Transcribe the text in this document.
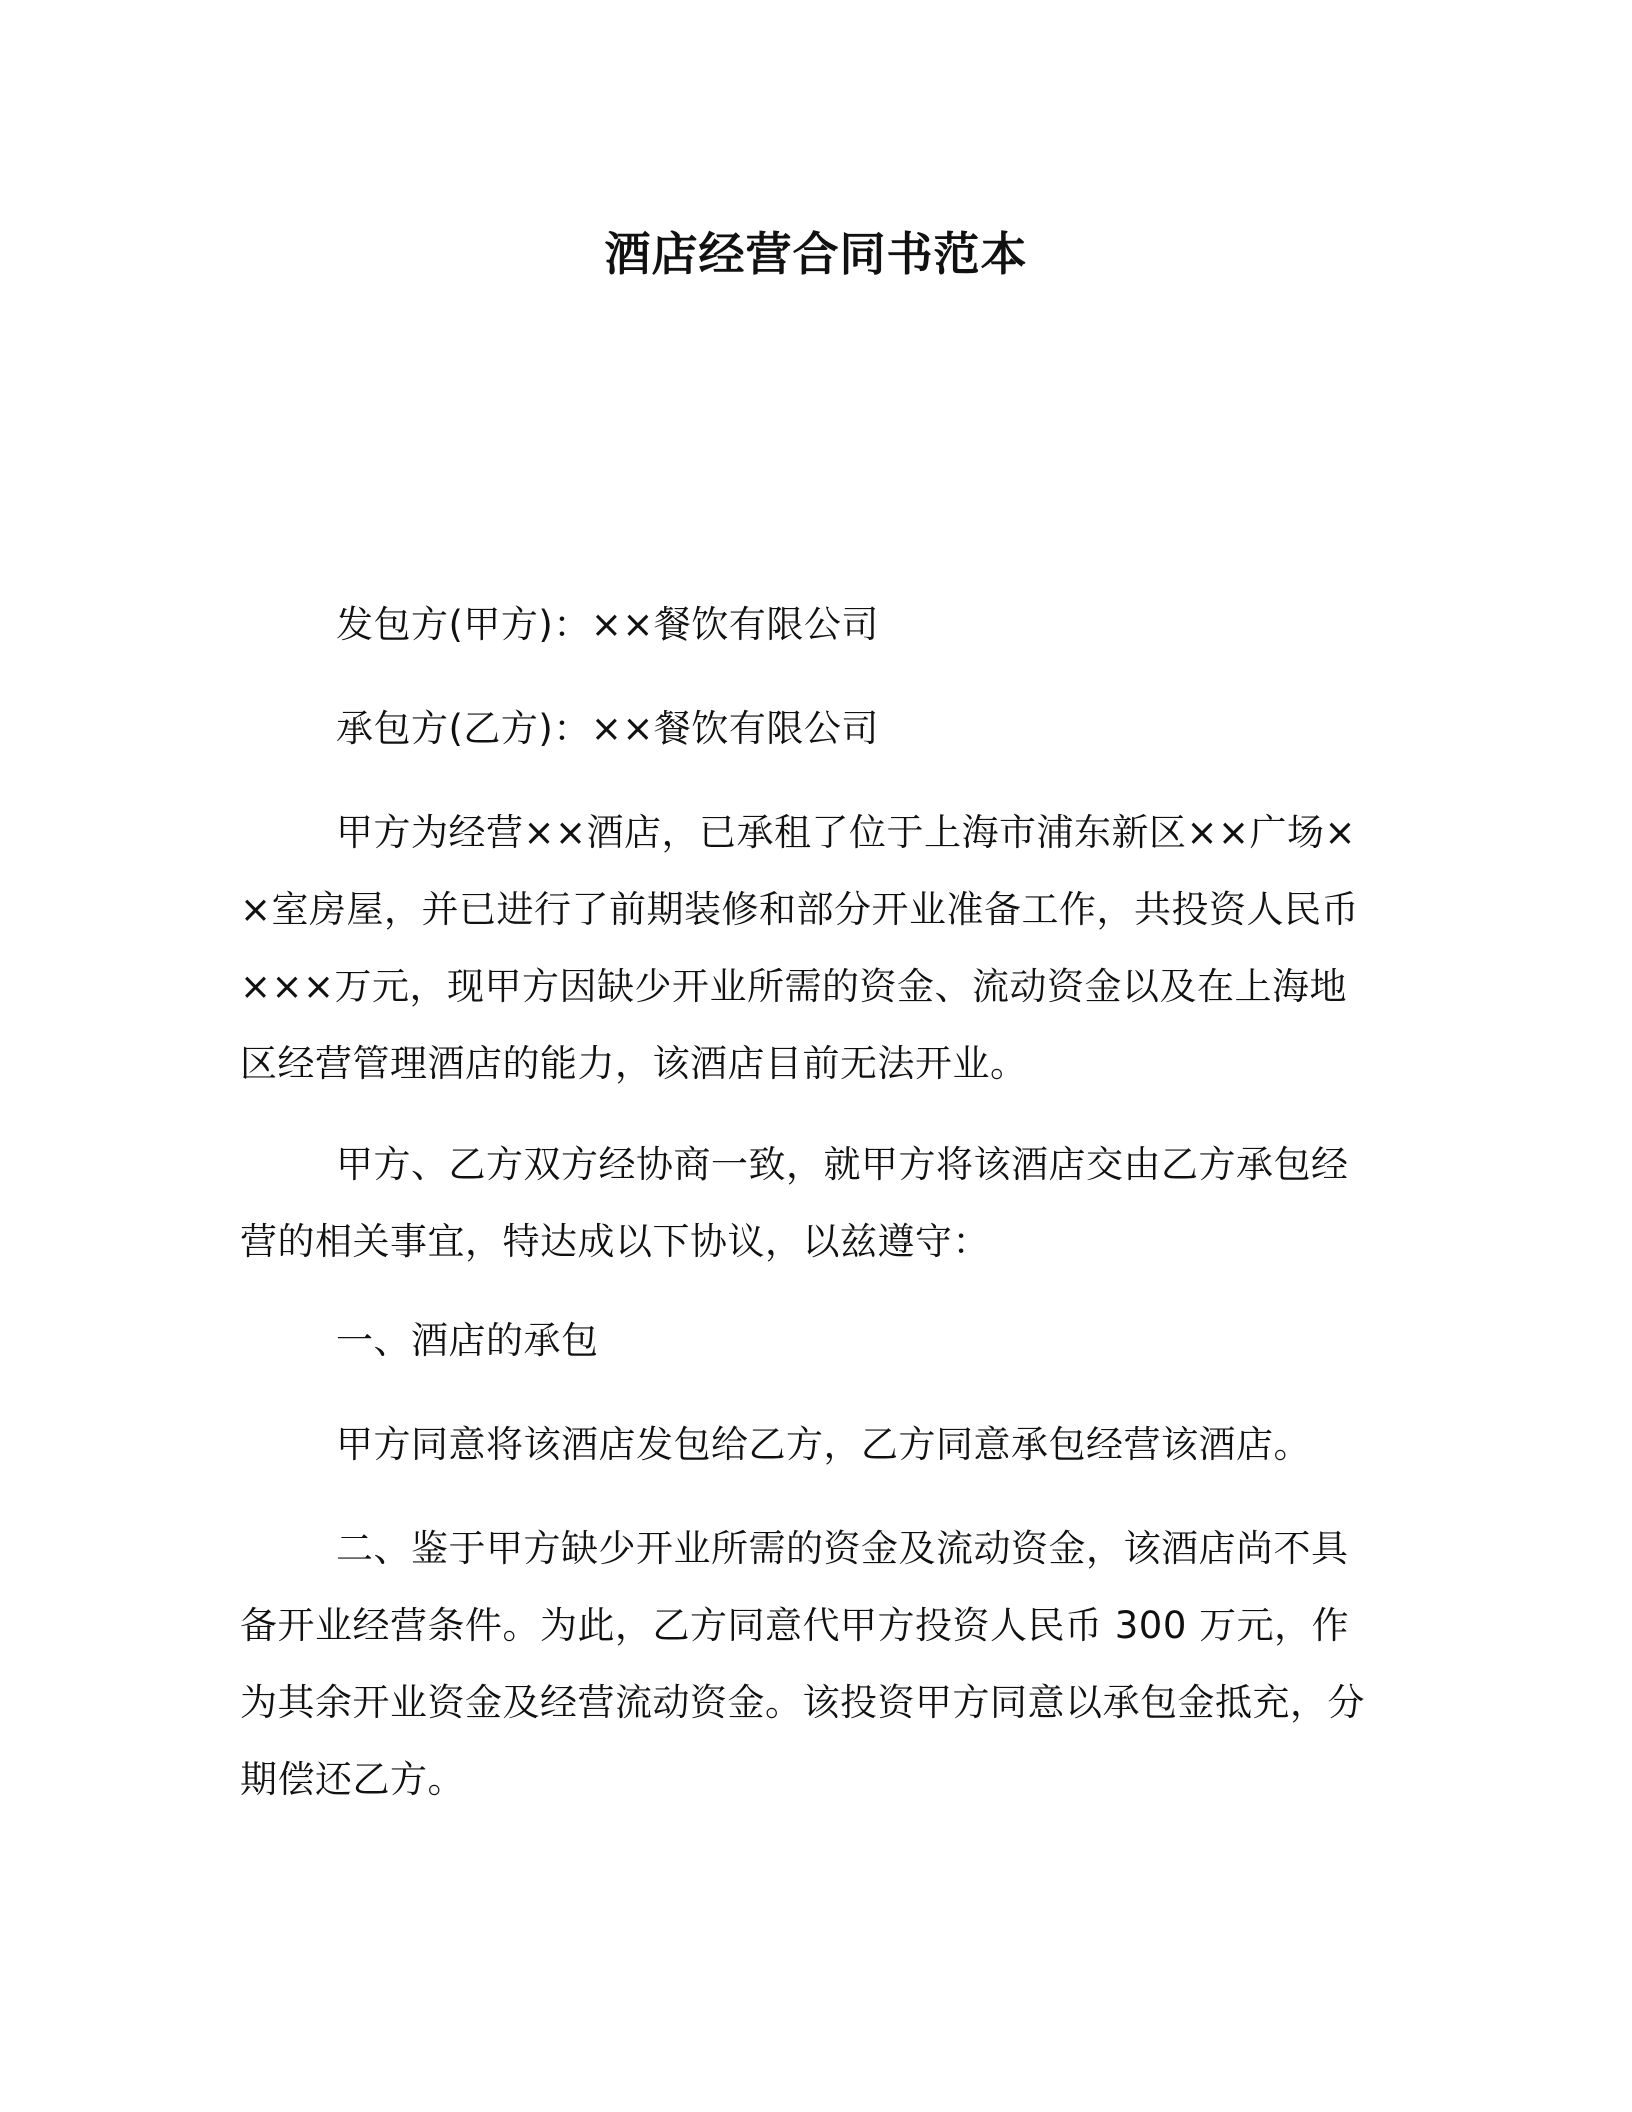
酒店经营合同书范本

发包方(甲方)：××餐饮有限公司

承包方(乙方)：××餐饮有限公司

甲方为经营××酒店，已承租了位于上海市浦东新区××广场××室房屋，并已进行了前期装修和部分开业准备工作，共投资人民币×××万元，现甲方因缺少开业所需的资金、流动资金以及在上海地区经营管理酒店的能力，该酒店目前无法开业。

甲方、乙方双方经协商一致，就甲方将该酒店交由乙方承包经营的相关事宜，特达成以下协议，以兹遵守：

一、酒店的承包

甲方同意将该酒店发包给乙方，乙方同意承包经营该酒店。

二、鉴于甲方缺少开业所需的资金及流动资金，该酒店尚不具备开业经营条件。为此，乙方同意代甲方投资人民币 300 万元，作为其余开业资金及经营流动资金。该投资甲方同意以承包金抵充，分期偿还乙方。
